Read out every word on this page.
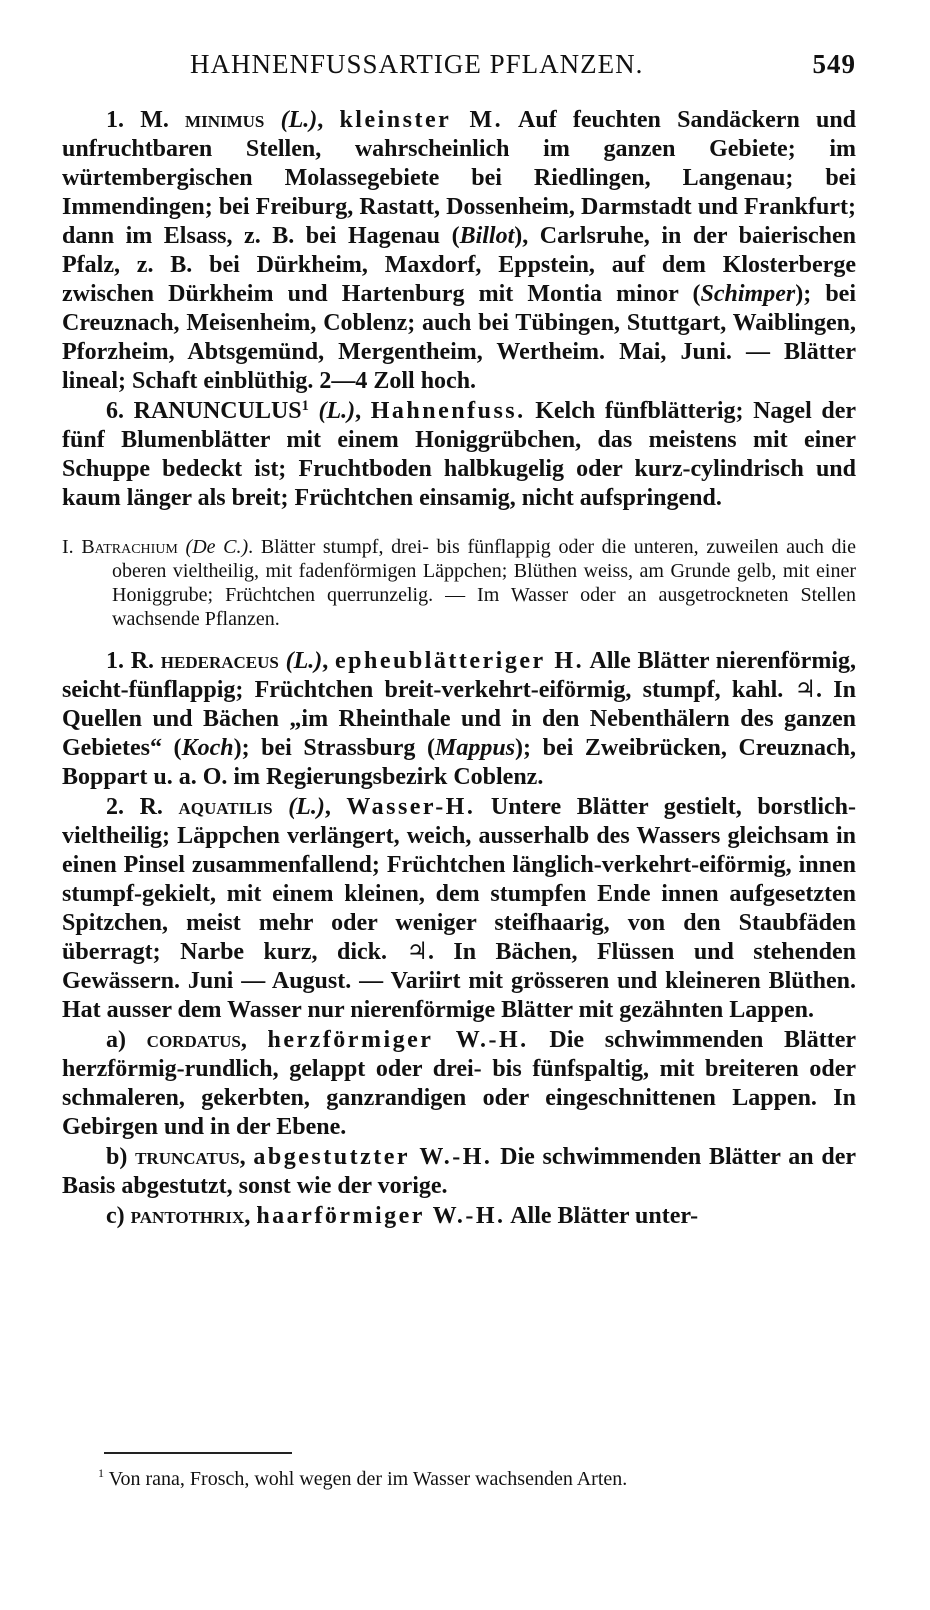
HAHNENFUSSARTIGE PFLANZEN.	549

1. M. minimus (L.), kleinster M. Auf feuchten Sandäckern und unfruchtbaren Stellen, wahrscheinlich im ganzen Gebiete; im würtembergischen Molassegebiete bei Riedlingen, Langenau; bei Immendingen; bei Freiburg, Rastatt, Dossenheim, Darmstadt und Frankfurt; dann im Elsass, z. B. bei Hagenau (Billot), Carlsruhe, in der baierischen Pfalz, z. B. bei Dürkheim, Maxdorf, Eppstein, auf dem Klosterberge zwischen Dürkheim und Hartenburg mit Montia minor (Schimper); bei Creuznach, Meisenheim, Coblenz; auch bei Tübingen, Stuttgart, Waiblingen, Pforzheim, Abtsgemünd, Mergentheim, Wertheim. Mai, Juni. — Blätter lineal; Schaft einblüthig. 2—4 Zoll hoch.

6. RANUNCULUS$^1$ (L.), Hahnenfuss. Kelch fünfblätterig; Nagel der fünf Blumenblätter mit einem Honiggrübchen, das meistens mit einer Schuppe bedeckt ist; Fruchtboden halbkugelig oder kurz-cylindrisch und kaum länger als breit; Früchtchen einsamig, nicht aufspringend.

I. Batrachium (De C.). Blätter stumpf, drei- bis fünflappig oder die unteren, zuweilen auch die oberen vieltheilig, mit fadenförmigen Läppchen; Blüthen weiss, am Grunde gelb, mit einer Honiggrube; Früchtchen querrunzelig. — Im Wasser oder an ausgetrockneten Stellen wachsende Pflanzen.

1. R. hederaceus (L.), epheublätteriger H. Alle Blätter nierenförmig, seicht-fünflappig; Früchtchen breit-verkehrt-eiförmig, stumpf, kahl. ♃. In Quellen und Bächen „im Rheinthale und in den Nebenthälern des ganzen Gebietes“ (Koch); bei Strassburg (Mappus); bei Zweibrücken, Creuznach, Boppart u. a. O. im Regierungsbezirk Coblenz.

2. R. aquatilis (L.), Wasser-H. Untere Blätter gestielt, borstlich-vieltheilig; Läppchen verlängert, weich, ausserhalb des Wassers gleichsam in einen Pinsel zusammenfallend; Früchtchen länglich-verkehrt-eiförmig, innen stumpf-gekielt, mit einem kleinen, dem stumpfen Ende innen aufgesetzten Spitzchen, meist mehr oder weniger steifhaarig, von den Staubfäden überragt; Narbe kurz, dick. ♃. In Bächen, Flüssen und stehenden Gewässern. Juni — August. — Variirt mit grösseren und kleineren Blüthen. Hat ausser dem Wasser nur nierenförmige Blätter mit gezähnten Lappen.

a) cordatus, herzförmiger W.-H. Die schwimmenden Blätter herzförmig-rundlich, gelappt oder drei- bis fünfspaltig, mit breiteren oder schmaleren, gekerbten, ganzrandigen oder eingeschnittenen Lappen. In Gebirgen und in der Ebene.

b) truncatus, abgestutzter W.-H. Die schwimmenden Blätter an der Basis abgestutzt, sonst wie der vorige.

c) pantothrix, haarförmiger W.-H. Alle Blätter unter-

$^1$ Von rana, Frosch, wohl wegen der im Wasser wachsenden Arten.
